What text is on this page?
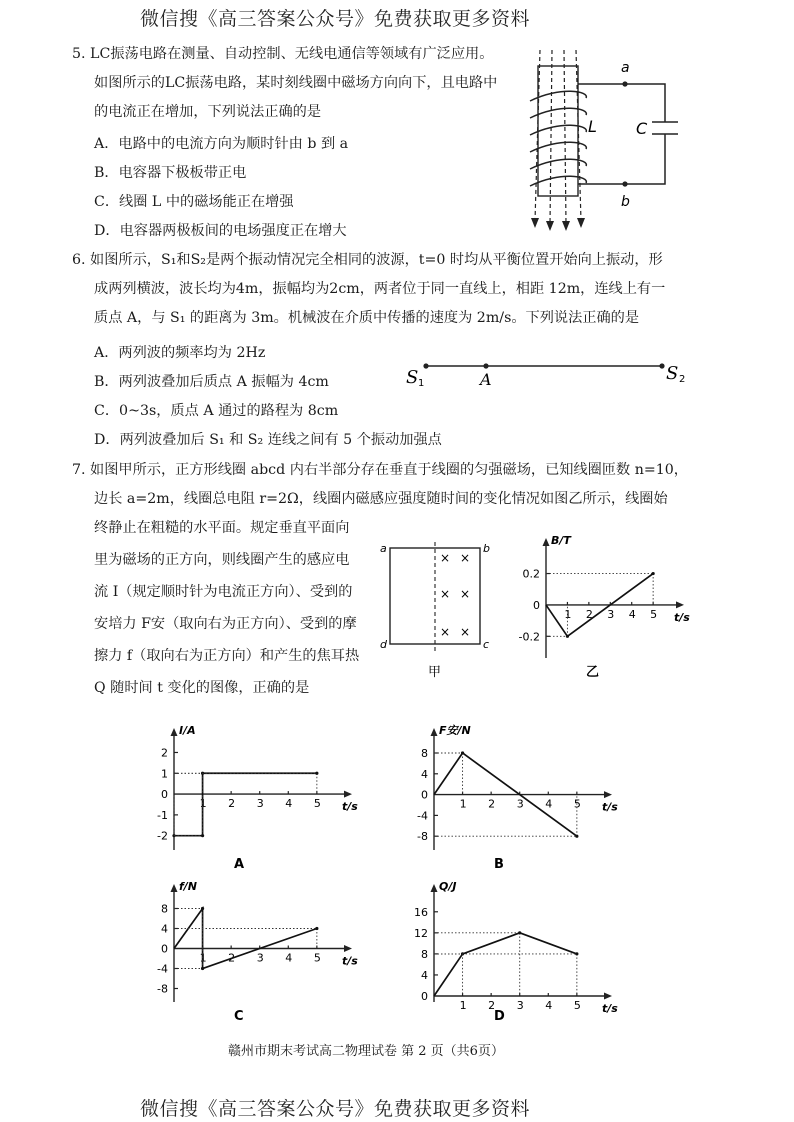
微信搜《高三答案公众号》免费获取更多资料
5. LC振荡电路在测量、自动控制、无线电通信等领域有广泛应用。
如图所示的LC振荡电路，某时刻线圈中磁场方向向下，且电路中
的电流正在增加，下列说法正确的是
A．电路中的电流方向为顺时针由 b 到 a
B．电容器下极板带正电
C．线圈 L 中的磁场能正在增强
D．电容器两极板间的电场强度正在增大
a
b
L C
6. 如图所示，S₁和S₂是两个振动情况完全相同的波源，t=0 时均从平衡位置开始向上振动，形
成两列横波，波长均为4m，振幅均为2cm，两者位于同一直线上，相距 12m，连线上有一
质点 A，与 S₁ 的距离为 3m。机械波在介质中传播的速度为 2m/s。下列说法正确的是
A．两列波的频率均为 2Hz
B．两列波叠加后质点 A 振幅为 4cm
C．0~3s，质点 A 通过的路程为 8cm
D．两列波叠加后 S₁ 和 S₂ 连线之间有 5 个振动加强点
S 1	A	S 2
7. 如图甲所示，正方形线圈 abcd 内右半部分存在垂直于线圈的匀强磁场，已知线圈匝数 n=10，
边长 a=2m，线圈总电阻 r=2Ω，线圈内磁感应强度随时间的变化情况如图乙所示，线圈始
终静止在粗糙的水平面。规定垂直平面向
里为磁场的正方向，则线圈产生的感应电
流 I（规定顺时针为电流正方向）、受到的
安培力 F安（取向右为正方向）、受到的摩
擦力 f（取向右为正方向）和产生的焦耳热
Q 随时间 t 变化的图像，正确的是
a	b
c
d
× ×
× ×
× ×
甲
B/T
t/s
1 2 3 4 5
0.2
0
-0.2
乙
I/A
t/s
1 2 3 4 5
2
1
0
-1
-2
A
F安/N
t/s
1 2 3 4 5
8
4
0
-4
-8
B
f/N
t/s
1 2 3 4 5
8
4
0
-4
-8
C
Q/J
t/s
1 2 3 4 5
16
12
8
4
0
D
赣州市期末考试高二物理试卷 第 2 页（共6页）
微信搜《高三答案公众号》免费获取更多资料
